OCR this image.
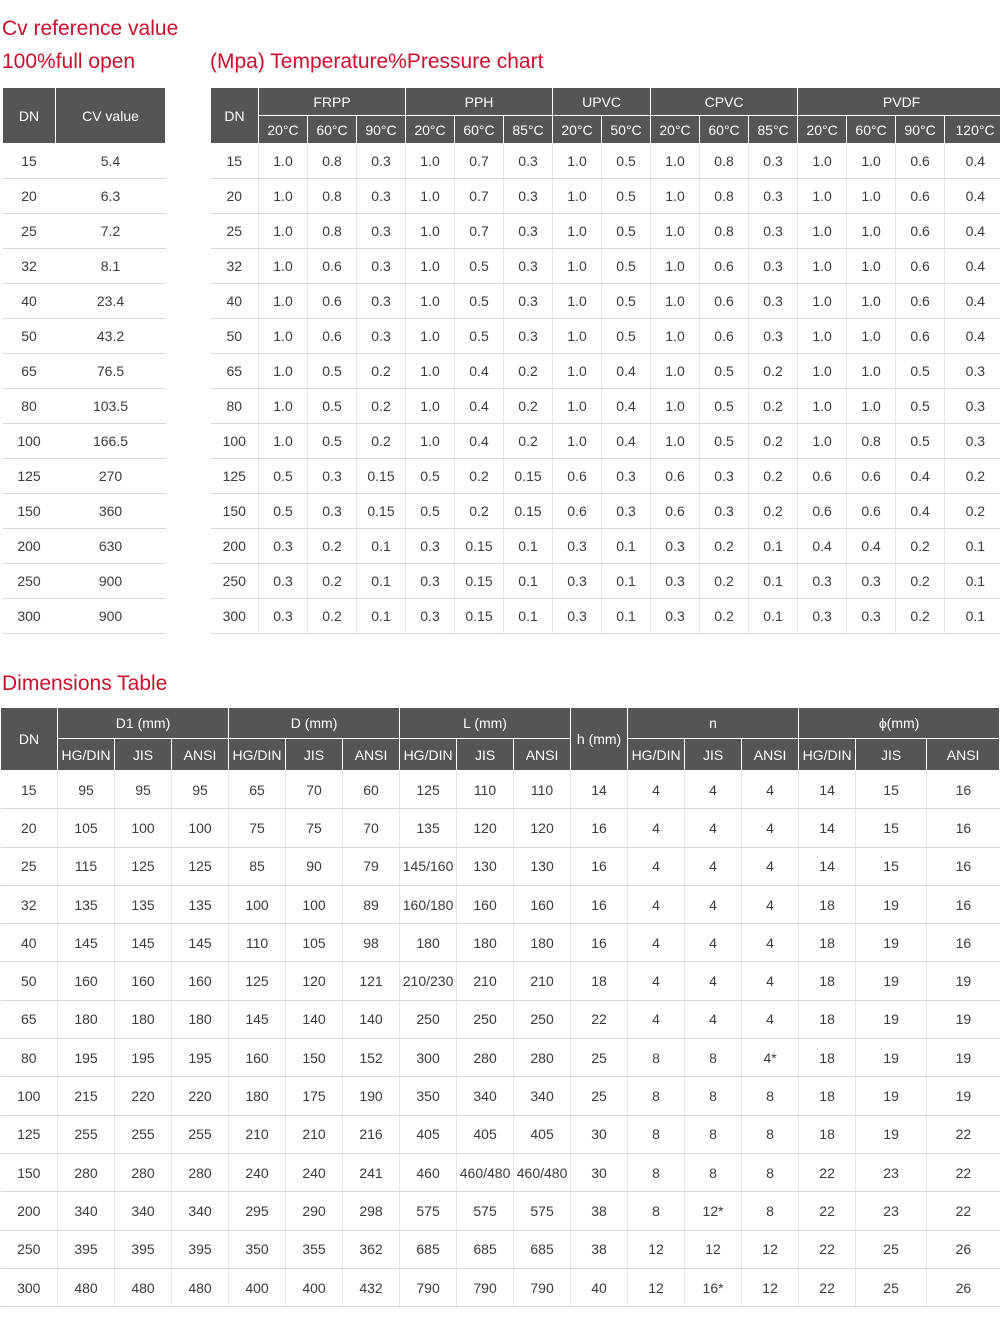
Cv reference value
100%full open	(Mpa) Temperature%Pressure chart
Dimensions Table
DN	CV value
15	5.4
20	6.3
25	7.2
32	8.1
40	23.4
50	43.2
65	76.5
80	103.5
100	166.5
125	270
150	360
200	630
250	900
300	900
DN	FRPP			PPH			UPVC		CPVC			PVDF			
	20°C	60°C	90°C	20°C	60°C	85°C	20°C	50°C	20°C	60°C	85°C	20°C	60°C	90°C	120°C
15	1.0	0.8	0.3	1.0	0.7	0.3	1.0	0.5	1.0	0.8	0.3	1.0	1.0	0.6	0.4
20	1.0	0.8	0.3	1.0	0.7	0.3	1.0	0.5	1.0	0.8	0.3	1.0	1.0	0.6	0.4
25	1.0	0.8	0.3	1.0	0.7	0.3	1.0	0.5	1.0	0.8	0.3	1.0	1.0	0.6	0.4
32	1.0	0.6	0.3	1.0	0.5	0.3	1.0	0.5	1.0	0.6	0.3	1.0	1.0	0.6	0.4
40	1.0	0.6	0.3	1.0	0.5	0.3	1.0	0.5	1.0	0.6	0.3	1.0	1.0	0.6	0.4
50	1.0	0.6	0.3	1.0	0.5	0.3	1.0	0.5	1.0	0.6	0.3	1.0	1.0	0.6	0.4
65	1.0	0.5	0.2	1.0	0.4	0.2	1.0	0.4	1.0	0.5	0.2	1.0	1.0	0.5	0.3
80	1.0	0.5	0.2	1.0	0.4	0.2	1.0	0.4	1.0	0.5	0.2	1.0	1.0	0.5	0.3
100	1.0	0.5	0.2	1.0	0.4	0.2	1.0	0.4	1.0	0.5	0.2	1.0	0.8	0.5	0.3
125	0.5	0.3	0.15	0.5	0.2	0.15	0.6	0.3	0.6	0.3	0.2	0.6	0.6	0.4	0.2
150	0.5	0.3	0.15	0.5	0.2	0.15	0.6	0.3	0.6	0.3	0.2	0.6	0.6	0.4	0.2
200	0.3	0.2	0.1	0.3	0.15	0.1	0.3	0.1	0.3	0.2	0.1	0.4	0.4	0.2	0.1
250	0.3	0.2	0.1	0.3	0.15	0.1	0.3	0.1	0.3	0.2	0.1	0.3	0.3	0.2	0.1
300	0.3	0.2	0.1	0.3	0.15	0.1	0.3	0.1	0.3	0.2	0.1	0.3	0.3	0.2	0.1
DN	D1 (mm)			D (mm)			L (mm)			h (mm)	n			ϕ(mm)		
	HG/DIN	JIS	ANSI	HG/DIN	JIS	ANSI	HG/DIN	JIS	ANSI		HG/DIN	JIS	ANSI	HG/DIN	JIS	ANSI
15	95	95	95	65	70	60	125	110	110	14	4	4	4	14	15	16
20	105	100	100	75	75	70	135	120	120	16	4	4	4	14	15	16
25	115	125	125	85	90	79	145/160	130	130	16	4	4	4	14	15	16
32	135	135	135	100	100	89	160/180	160	160	16	4	4	4	18	19	16
40	145	145	145	110	105	98	180	180	180	16	4	4	4	18	19	16
50	160	160	160	125	120	121	210/230	210	210	18	4	4	4	18	19	19
65	180	180	180	145	140	140	250	250	250	22	4	4	4	18	19	19
80	195	195	195	160	150	152	300	280	280	25	8	8	4*	18	19	19
100	215	220	220	180	175	190	350	340	340	25	8	8	8	18	19	19
125	255	255	255	210	210	216	405	405	405	30	8	8	8	18	19	22
150	280	280	280	240	240	241	460	460/480	460/480	30	8	8	8	22	23	22
200	340	340	340	295	290	298	575	575	575	38	8	12*	8	22	23	22
250	395	395	395	350	355	362	685	685	685	38	12	12	12	22	25	26
300	480	480	480	400	400	432	790	790	790	40	12	16*	12	22	25	26
